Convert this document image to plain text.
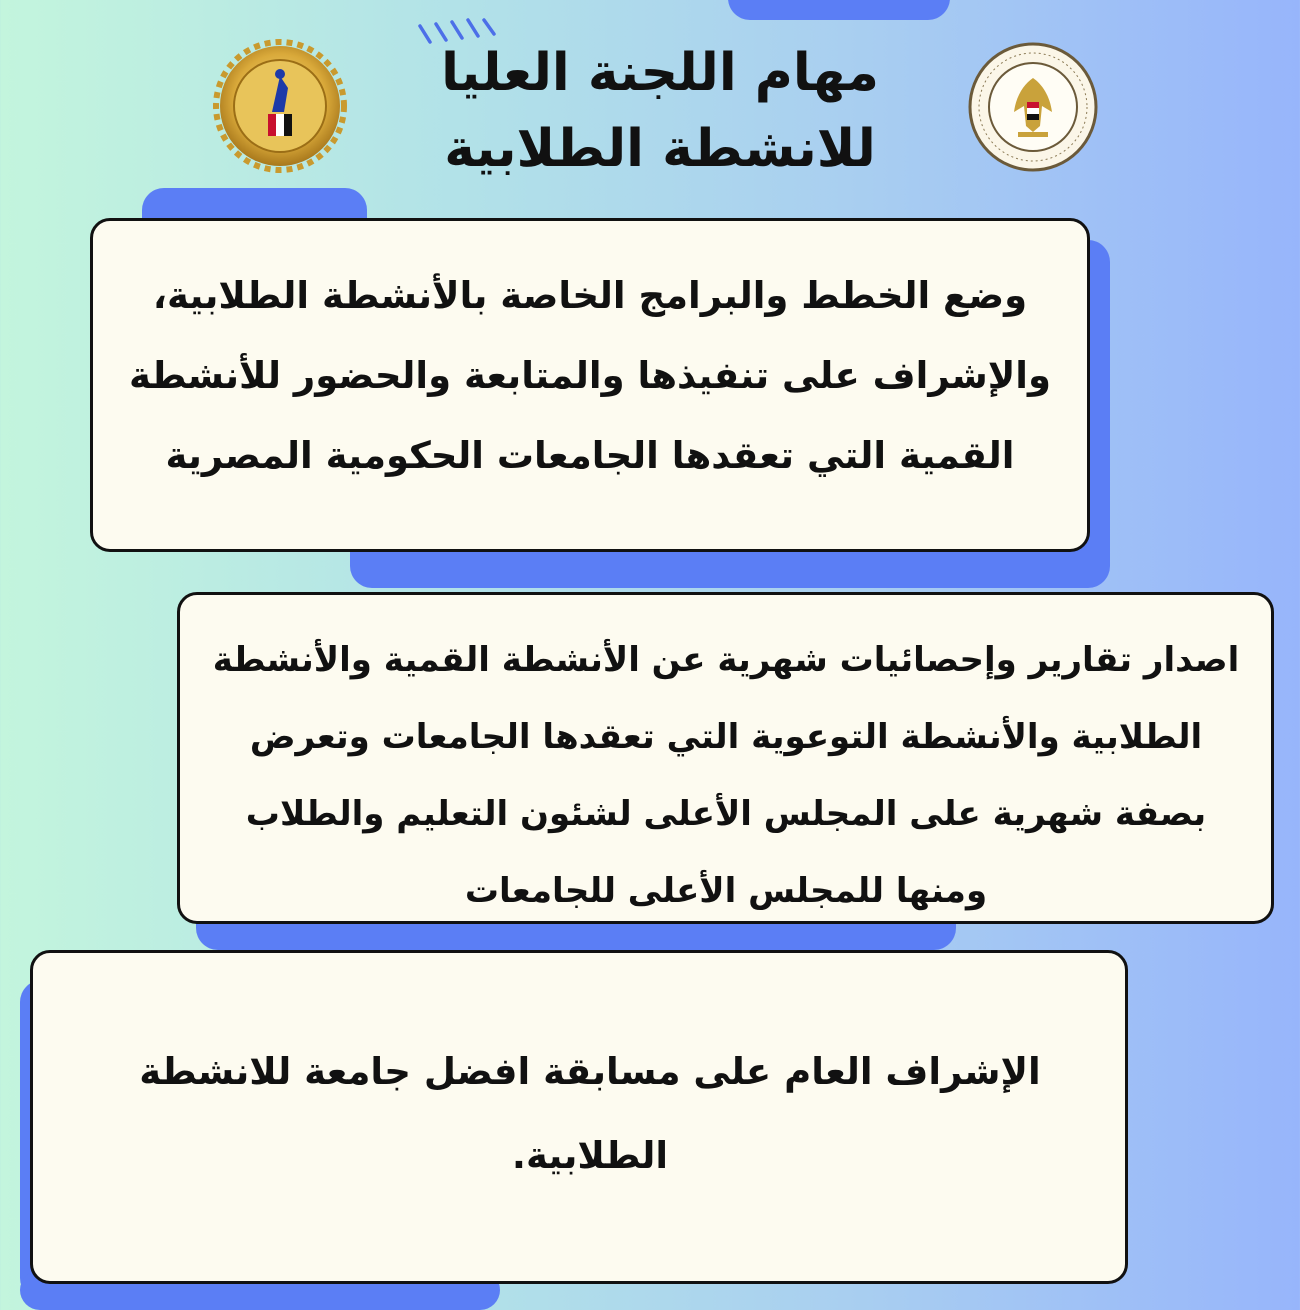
مهام اللجنة العليا
للانشطة الطلابية
وضع الخطط والبرامج الخاصة بالأنشطة الطلابية،
والإشراف على تنفيذها والمتابعة والحضور للأنشطة
القمية التي تعقدها الجامعات الحكومية المصرية
اصدار تقارير وإحصائيات شهرية عن الأنشطة القمية والأنشطة
الطلابية والأنشطة التوعوية التي تعقدها الجامعات وتعرض
بصفة شهرية على المجلس الأعلى لشئون التعليم والطلاب
ومنها للمجلس الأعلى للجامعات
الإشراف العام على مسابقة افضل جامعة للانشطة
الطلابية.
